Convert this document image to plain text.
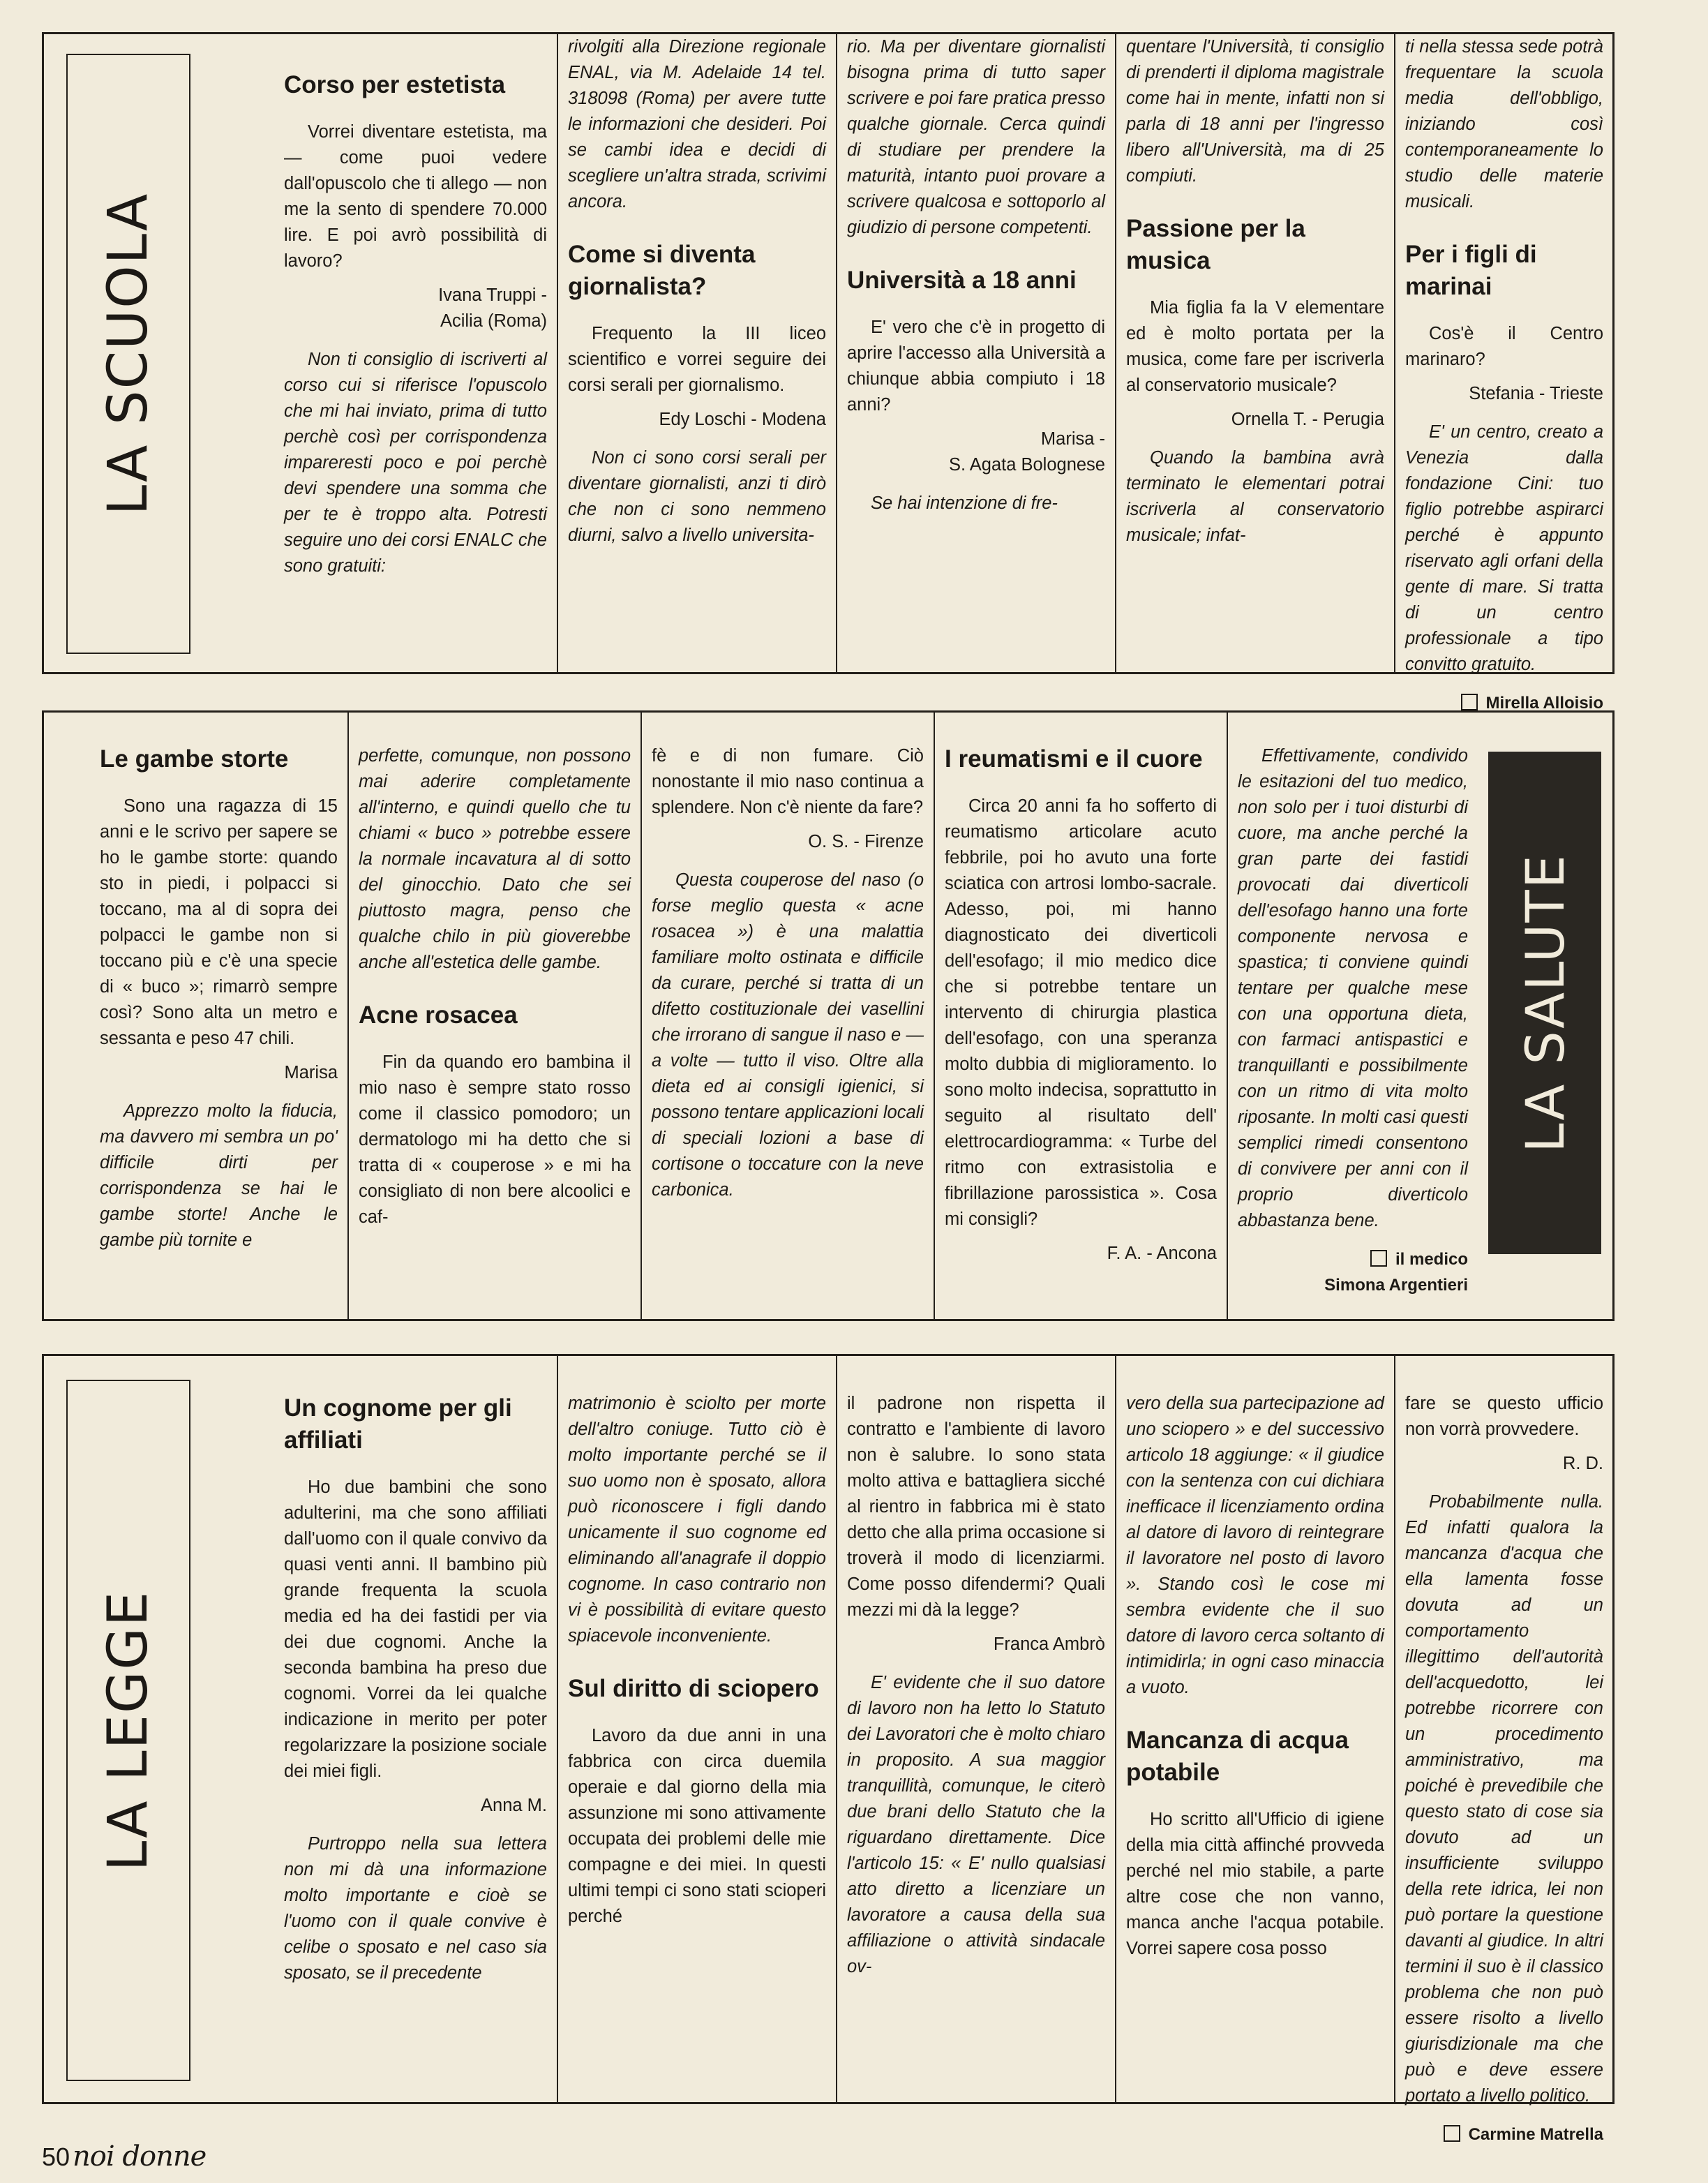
LA SCUOLA
Corso per estetista

Vorrei diventare estetista, ma — come puoi vedere dall'opuscolo che ti allego — non me la sento di spendere 70.000 lire. E poi avrò possibilità di lavoro?

Ivana Truppi -

Acilia (Roma)

Non ti consiglio di iscriverti al corso cui si riferisce l'opuscolo che mi hai inviato, prima di tutto perchè così per corrispondenza impareresti poco e poi perchè devi spendere una somma che per te è troppo alta. Potresti seguire uno dei corsi ENALC che sono gratuiti:

rivolgiti alla Direzione regionale ENAL, via M. Adelaide 14 tel. 318098 (Roma) per avere tutte le informazioni che desideri. Poi se cambi idea e decidi di scegliere un'altra strada, scrivimi ancora.

Come si diventa giornalista?

Frequento la III liceo scientifico e vorrei seguire dei corsi serali per giornalismo.

Edy Loschi - Modena

Non ci sono corsi serali per diventare giornalisti, anzi ti dirò che non ci sono nemmeno diurni, salvo a livello universita-

rio. Ma per diventare giornalisti bisogna prima di tutto saper scrivere e poi fare pratica presso qualche giornale. Cerca quindi di studiare per prendere la maturità, intanto puoi provare a scrivere qualcosa e sottoporlo al giudizio di persone competenti.

Università a 18 anni

E' vero che c'è in progetto di aprire l'accesso alla Università a chiunque abbia compiuto i 18 anni?

Marisa -

S. Agata Bolognese

Se hai intenzione di fre-

quentare l'Università, ti consiglio di prenderti il diploma magistrale come hai in mente, infatti non si parla di 18 anni per l'ingresso libero all'Università, ma di 25 compiuti.

Passione per la musica

Mia figlia fa la V elementare ed è molto portata per la musica, come fare per iscriverla al conservatorio musicale?

Ornella T. - Perugia

Quando la bambina avrà terminato le elementari potrai iscriverla al conservatorio musicale; infat-

ti nella stessa sede potrà frequentare la scuola media dell'obbligo, iniziando così contemporaneamente lo studio delle materie musicali.

Per i figli di marinai

Cos'è il Centro marinaro?

Stefania - Trieste

E' un centro, creato a Venezia dalla fondazione Cini: tuo figlio potrebbe aspirarci perché è appunto riservato agli orfani della gente di mare. Si tratta di un centro professionale a tipo convitto gratuito.

Mirella Alloisio

LA SALUTE
Le gambe storte

Sono una ragazza di 15 anni e le scrivo per sapere se ho le gambe storte: quando sto in piedi, i polpacci si toccano, ma al di sopra dei polpacci le gambe non si toccano più e c'è una specie di « buco »; rimarrò sempre così? Sono alta un metro e sessanta e peso 47 chili.

Marisa

Apprezzo molto la fiducia, ma davvero mi sembra un po' difficile dirti per corrispondenza se hai le gambe storte! Anche le gambe più tornite e

perfette, comunque, non possono mai aderire completamente all'interno, e quindi quello che tu chiami « buco » potrebbe essere la normale incavatura al di sotto del ginocchio. Dato che sei piuttosto magra, penso che qualche chilo in più gioverebbe anche all'estetica delle gambe.

Acne rosacea

Fin da quando ero bambina il mio naso è sempre stato rosso come il classico pomodoro; un dermatologo mi ha detto che si tratta di « couperose » e mi ha consigliato di non bere alcoolici e caf-

fè e di non fumare. Ciò nonostante il mio naso continua a splendere. Non c'è niente da fare?

O. S. - Firenze

Questa couperose del naso (o forse meglio questa « acne rosacea ») è una malattia familiare molto ostinata e difficile da curare, perché si tratta di un difetto costituzionale dei vasellini che irrorano di sangue il naso e — a volte — tutto il viso. Oltre alla dieta ed ai consigli igienici, si possono tentare applicazioni locali di speciali lozioni a base di cortisone o toccature con la neve carbonica.

I reumatismi e il cuore

Circa 20 anni fa ho sofferto di reumatismo articolare acuto febbrile, poi ho avuto una forte sciatica con artrosi lombo-sacrale. Adesso, poi, mi hanno diagnosticato dei diverticoli dell'esofago; il mio medico dice che si potrebbe tentare un intervento di chirurgia plastica dell'esofago, con una speranza molto dubbia di miglioramento. Io sono molto indecisa, soprattutto in seguito al risultato dell' elettrocardiogramma: « Turbe del ritmo con extrasistolia e fibrillazione parossistica ». Cosa mi consigli?

F. A. - Ancona

Effettivamente, condivido le esitazioni del tuo medico, non solo per i tuoi disturbi di cuore, ma anche perché la gran parte dei fastidi provocati dai diverticoli dell'esofago hanno una forte componente nervosa e spastica; ti conviene quindi tentare per qualche mese con una opportuna dieta, con farmaci antispastici e tranquillanti e possibilmente con un ritmo di vita molto riposante. In molti casi questi semplici rimedi consentono di convivere per anni con il proprio diverticolo abbastanza bene.

il medico

Simona Argentieri

LA LEGGE
Un cognome per gli affiliati

Ho due bambini che sono adulterini, ma che sono affiliati dall'uomo con il quale convivo da quasi venti anni. Il bambino più grande frequenta la scuola media ed ha dei fastidi per via dei due cognomi. Anche la seconda bambina ha preso due cognomi. Vorrei da lei qualche indicazione in merito per poter regolarizzare la posizione sociale dei miei figli.

Anna M.

Purtroppo nella sua lettera non mi dà una informazione molto importante e cioè se l'uomo con il quale convive è celibe o sposato e nel caso sia sposato, se il precedente

matrimonio è sciolto per morte dell'altro coniuge. Tutto ciò è molto importante perché se il suo uomo non è sposato, allora può riconoscere i figli dando unicamente il suo cognome ed eliminando all'anagrafe il doppio cognome. In caso contrario non vi è possibilità di evitare questo spiacevole inconveniente.

Sul diritto di sciopero

Lavoro da due anni in una fabbrica con circa duemila operaie e dal giorno della mia assunzione mi sono attivamente occupata dei problemi delle mie compagne e dei miei. In questi ultimi tempi ci sono stati scioperi perché

il padrone non rispetta il contratto e l'ambiente di lavoro non è salubre. Io sono stata molto attiva e battagliera sicché al rientro in fabbrica mi è stato detto che alla prima occasione si troverà il modo di licenziarmi. Come posso difendermi? Quali mezzi mi dà la legge?

Franca Ambrò

E' evidente che il suo datore di lavoro non ha letto lo Statuto dei Lavoratori che è molto chiaro in proposito. A sua maggior tranquillità, comunque, le citerò due brani dello Statuto che la riguardano direttamente. Dice l'articolo 15: « E' nullo qualsiasi atto diretto a licenziare un lavoratore a causa della sua affiliazione o attività sindacale ov-

vero della sua partecipazione ad uno sciopero » e del successivo articolo 18 aggiunge: « il giudice con la sentenza con cui dichiara inefficace il licenziamento ordina al datore di lavoro di reintegrare il lavoratore nel posto di lavoro ». Stando così le cose mi sembra evidente che il suo datore di lavoro cerca soltanto di intimidirla; in ogni caso minaccia a vuoto.

Mancanza di acqua potabile

Ho scritto all'Ufficio di igiene della mia città affinché provveda perché nel mio stabile, a parte altre cose che non vanno, manca anche l'acqua potabile. Vorrei sapere cosa posso

fare se questo ufficio non vorrà provvedere.

R. D.

Probabilmente nulla. Ed infatti qualora la mancanza d'acqua che ella lamenta fosse dovuta ad un comportamento illegittimo dell'autorità dell'acquedotto, lei potrebbe ricorrere con un procedimento amministrativo, ma poiché è prevedibile che questo stato di cose sia dovuto ad un insufficiente sviluppo della rete idrica, lei non può portare la questione davanti al giudice. In altri termini il suo è il classico problema che non può essere risolto a livello giurisdizionale ma che può e deve essere portato a livello politico.

Carmine Matrella

50 noi donne
